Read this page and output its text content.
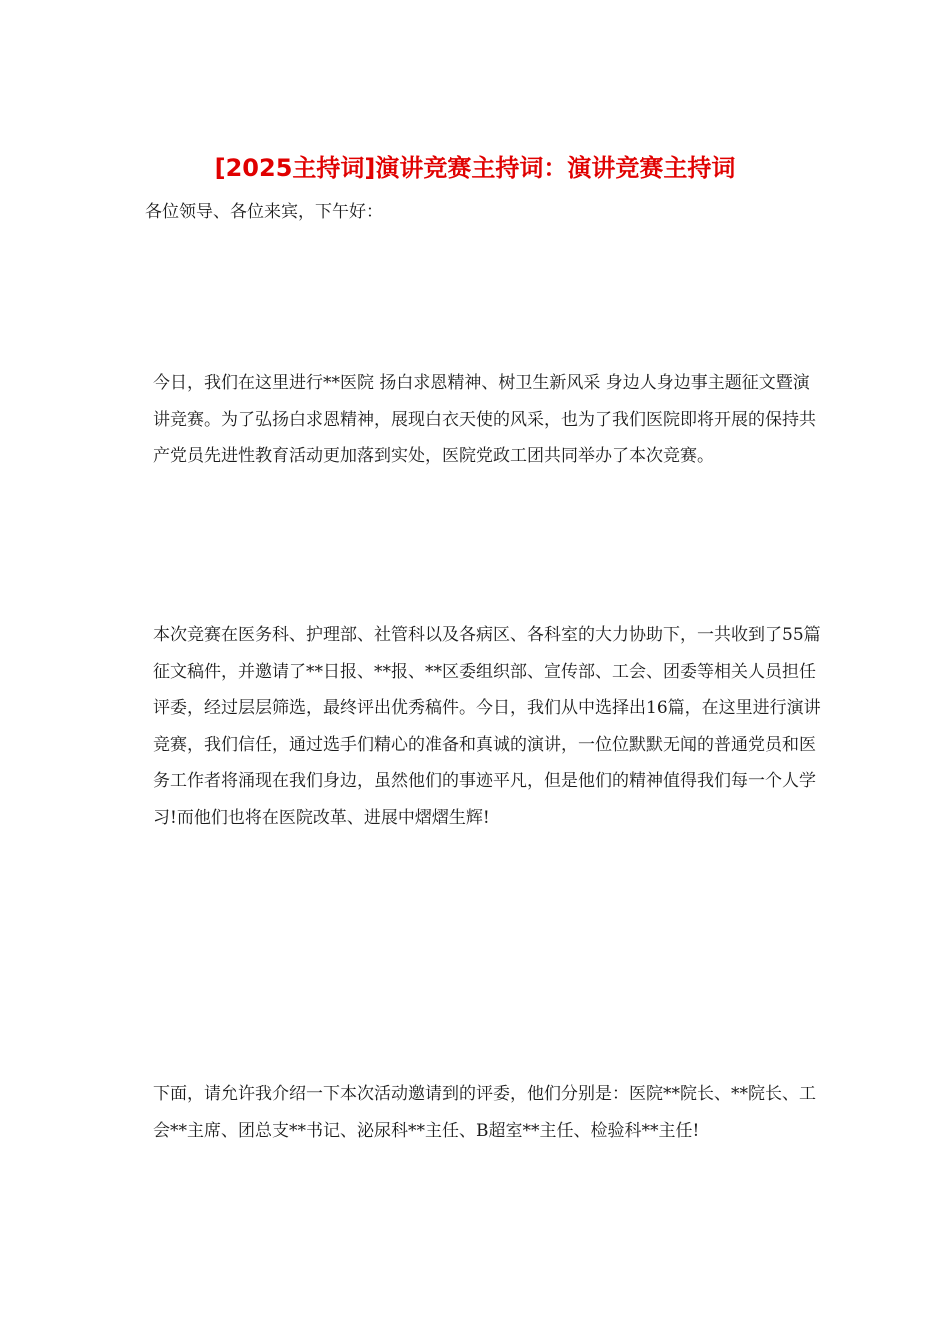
[2025主持词]演讲竞赛主持词：演讲竞赛主持词

各位领导、各位来宾，下午好：

今日，我们在这里进行**医院 扬白求恩精神、树卫生新风采 身边人身边事主题征文暨演讲竞赛。为了弘扬白求恩精神，展现白衣天使的风采，也为了我们医院即将开展的保持共产党员先进性教育活动更加落到实处，医院党政工团共同举办了本次竞赛。

本次竞赛在医务科、护理部、社管科以及各病区、各科室的大力协助下，一共收到了55篇征文稿件，并邀请了**日报、**报、**区委组织部、宣传部、工会、团委等相关人员担任评委，经过层层筛选，最终评出优秀稿件。今日，我们从中选择出16篇，在这里进行演讲竞赛，我们信任，通过选手们精心的准备和真诚的演讲，一位位默默无闻的普通党员和医务工作者将涌现在我们身边，虽然他们的事迹平凡，但是他们的精神值得我们每一个人学习!而他们也将在医院改革、进展中熠熠生辉!

下面，请允许我介绍一下本次活动邀请到的评委，他们分别是：医院**院长、**院长、工会**主席、团总支**书记、泌尿科**主任、B超室**主任、检验科**主任!
